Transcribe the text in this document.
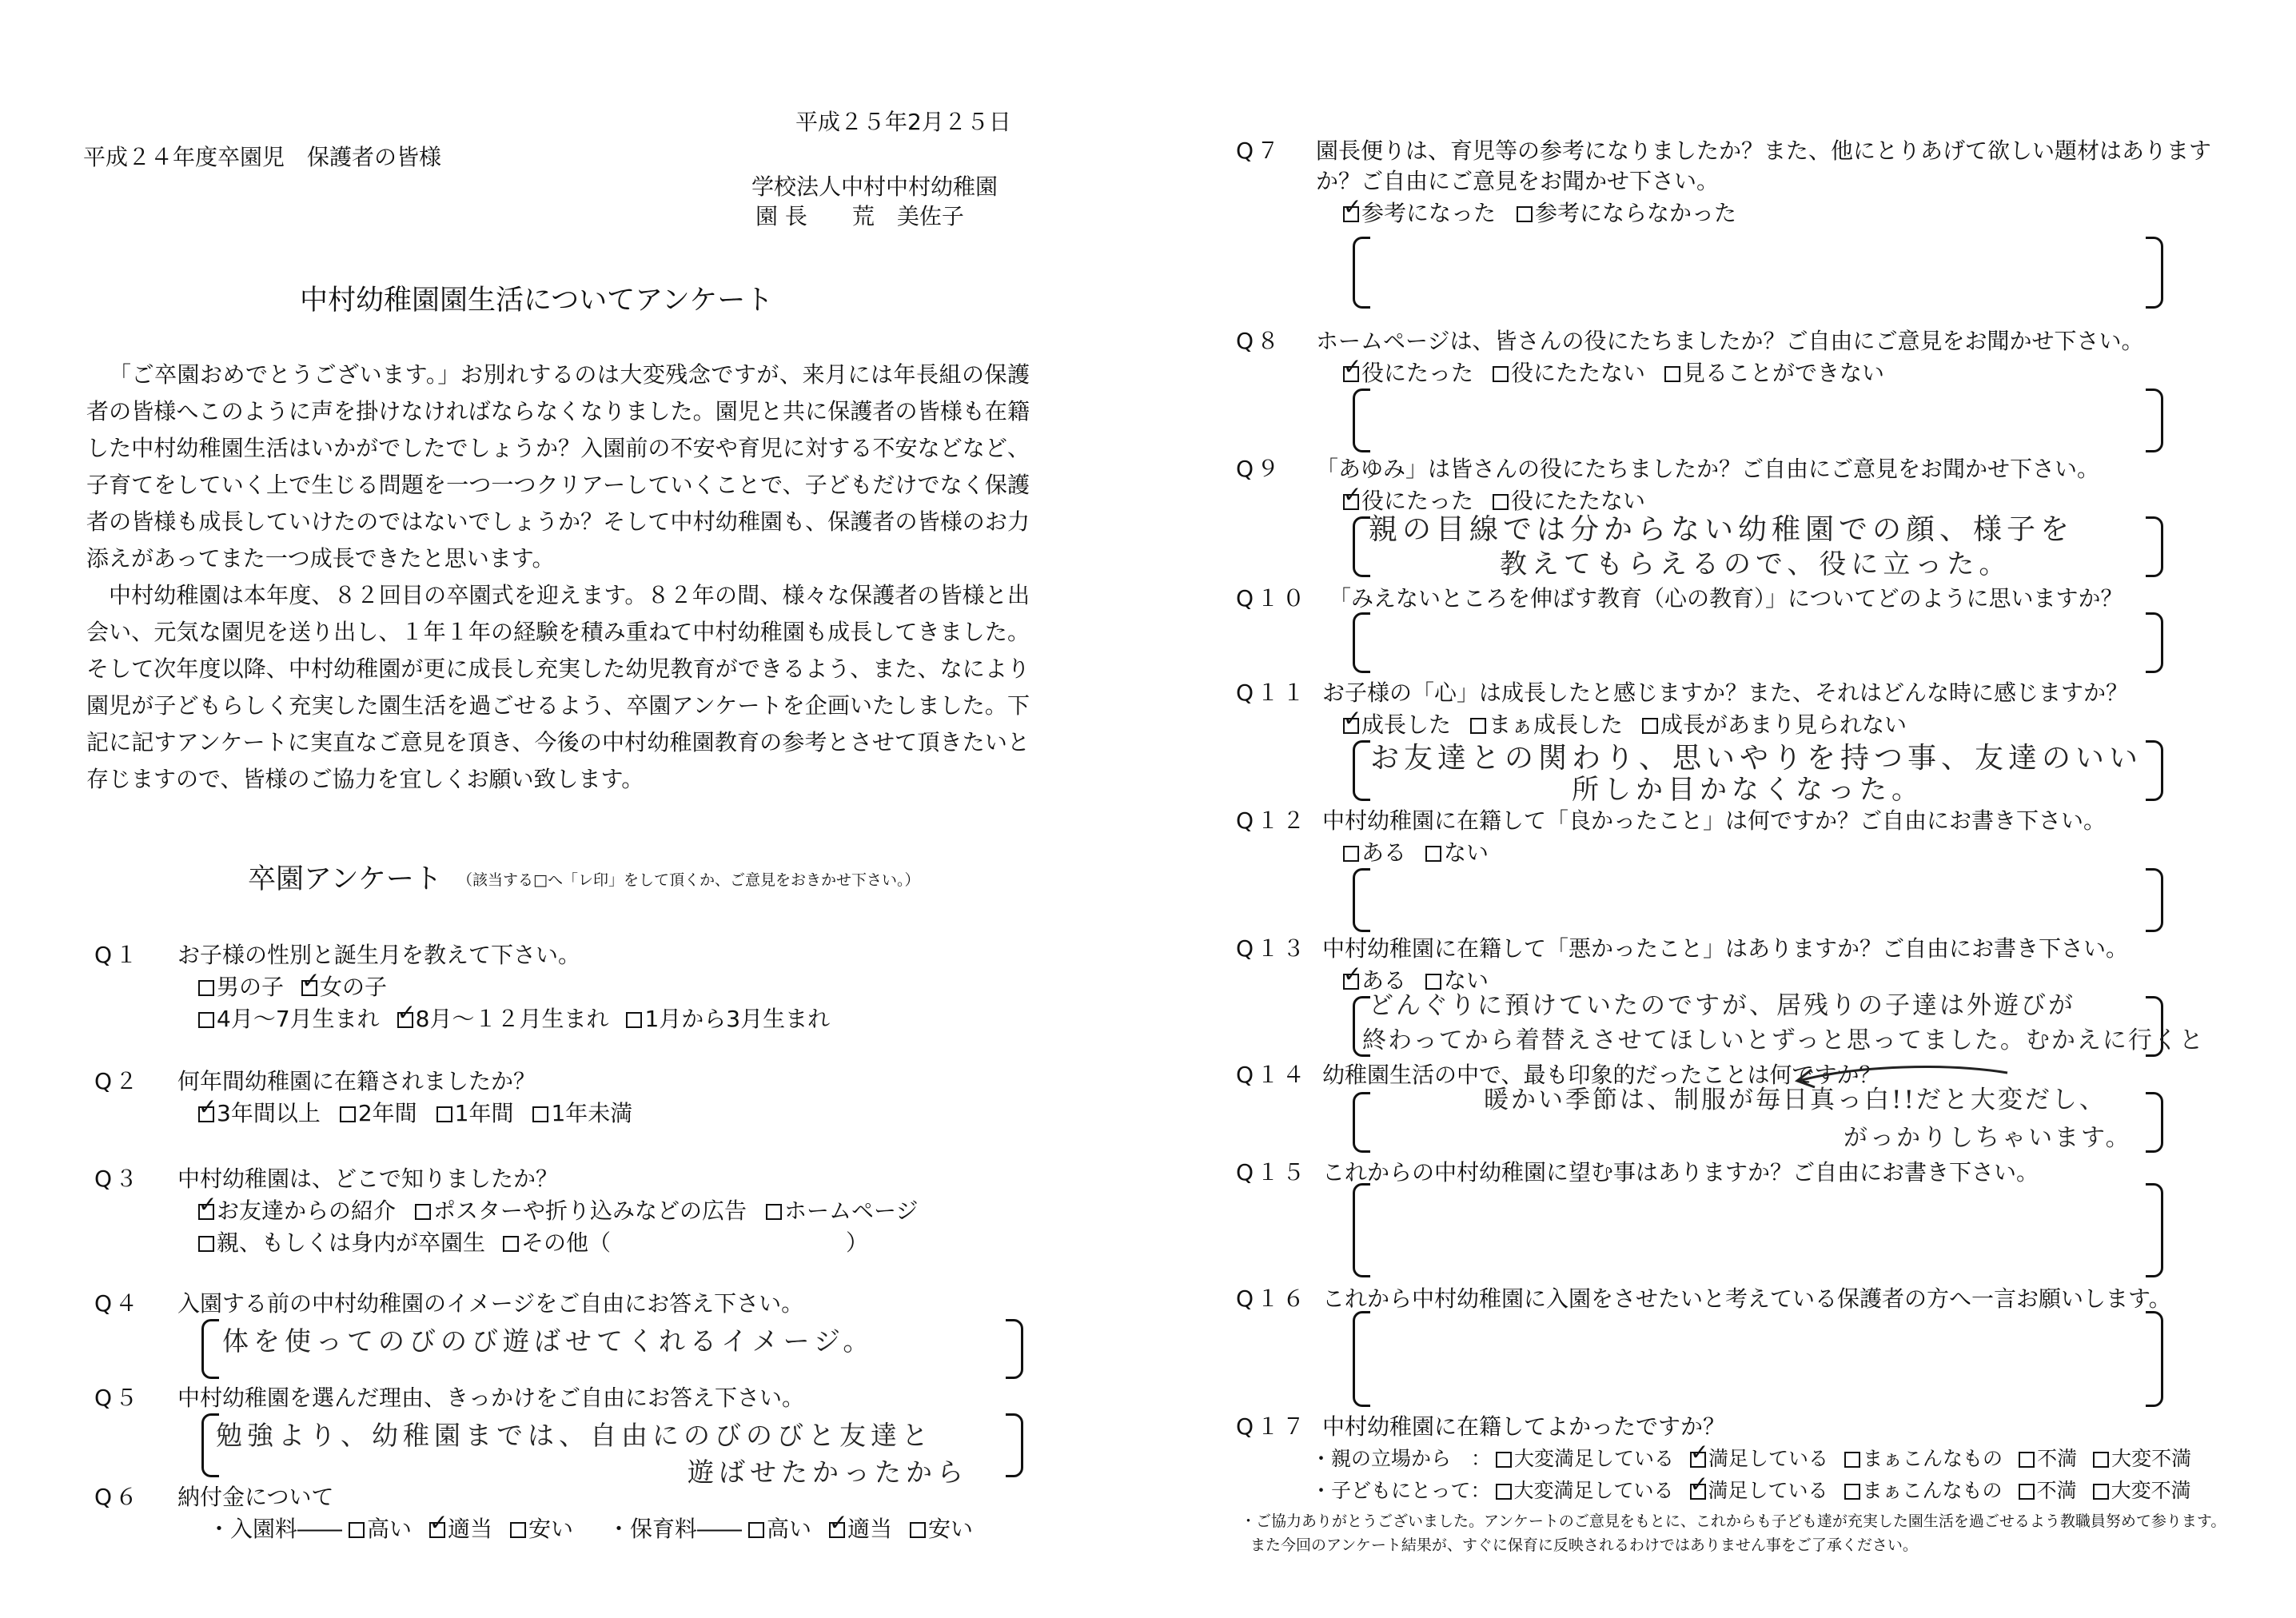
平成２５年2月２５日
平成２４年度卒園児　保護者の皆様
学校法人中村中村幼稚園
園 長　　荒　美佐子
中村幼稚園園生活についてアンケート

「ご卒園おめでとうございます。」お別れするのは大変残念ですが、来月には年長組の保護者の皆様へこのように声を掛けなければならなくなりました。園児と共に保護者の皆様も在籍した中村幼稚園生活はいかがでしたでしょうか？入園前の不安や育児に対する不安などなど、子育てをしていく上で生じる問題を一つ一つクリアーしていくことで、子どもだけでなく保護者の皆様も成長していけたのではないでしょうか？そして中村幼稚園も、保護者の皆様のお力添えがあってまた一つ成長できたと思います。

中村幼稚園は本年度、８２回目の卒園式を迎えます。８２年の間、様々な保護者の皆様と出会い、元気な園児を送り出し、１年１年の経験を積み重ねて中村幼稚園も成長してきました。そして次年度以降、中村幼稚園が更に成長し充実した幼児教育ができるよう、また、なにより園児が子どもらしく充実した園生活を過ごせるよう、卒園アンケートを企画いたしました。下記に記すアンケートに実直なご意見を頂き、今後の中村幼稚園教育の参考とさせて頂きたいと存じますので、皆様のご協力を宜しくお願い致します。

卒園アンケート （該当する□へ「レ印」をして頂くか、ご意見をおきかせ下さい。）
Q１ お子様の性別と誕生月を教えて下さい。
男の子 ✓ 女の子
4月～7月生まれ ✓ 8月～１２月生まれ 1月から3月生まれ
Q２ 何年間幼稚園に在籍されましたか？
✓
3年間以上 2年間 1年間 1年未満
Q３ 中村幼稚園は、どこで知りましたか？
✓
お友達からの紹介 ポスターや折り込みなどの広告 ホームページ
親、もしくは身内が卒園生 その他（	）
Q４ 入園する前の中村幼稚園のイメージをご自由にお答え下さい。
体を使ってのびのび遊ばせてくれるイメージ。
Q５ 中村幼稚園を選んだ理由、きっかけをご自由にお答え下さい。
勉強より、幼稚園までは、自由にのびのびと友達と
遊ばせたかったから
Q６ 納付金について
・入園料―― 高い ✓ 適当 安い ・保育料―― 高い ✓ 適当 安い
Q７ 園長便りは、育児等の参考になりましたか？また、他にとりあげて欲しい題材はあります
か？ご自由にご意見をお聞かせ下さい。
✓
参考になった 参考にならなかった
Q８ ホームページは、皆さんの役にたちましたか？ご自由にご意見をお聞かせ下さい。
✓
役にたった 役にたたない 見ることができない
Q９ 「あゆみ」は皆さんの役にたちましたか？ご自由にご意見をお聞かせ下さい。
✓
役にたった 役にたたない
親の目線では分からない幼稚園での顔、様子を
教えてもらえるので、役に立った。
Q１０ 「みえないところを伸ばす教育（心の教育）」についてどのように思いますか？
Q１１ お子様の「心」は成長したと感じますか？また、それはどんな時に感じますか？
✓
成長した まぁ成長した 成長があまり見られない
お友達との関わり、思いやりを持つ事、友達のいい
所しか目かなくなった。
Q１２ 中村幼稚園に在籍して「良かったこと」は何ですか？ご自由にお書き下さい。
ある ない
Q１３ 中村幼稚園に在籍して「悪かったこと」はありますか？ご自由にお書き下さい。
✓
ある ない
どんぐりに預けていたのですが、居残りの子達は外遊びが
終わってから着替えさせてほしいとずっと思ってました。むかえに行くと
Q１４ 幼稚園生活の中で、最も印象的だったことは何ですか？
暖かい季節は、制服が毎日真っ白!!だと大変だし、
がっかりしちゃいます。
Q１５ これからの中村幼稚園に望む事はありますか？ご自由にお書き下さい。
Q１６ これから中村幼稚園に入園をさせたいと考えている保護者の方へ一言お願いします。
Q１７ 中村幼稚園に在籍してよかったですか？
・親の立場から　： 大変満足している ✓ 満足している まぁこんなもの 不満 大変不満
・子どもにとって： 大変満足している ✓ 満足している まぁこんなもの 不満 大変不満
・ご協力ありがとうございました。アンケートのご意見をもとに、これからも子ども達が充実した園生活を過ごせるよう教職員努めて参ります。
また今回のアンケート結果が、すぐに保育に反映されるわけではありません事をご了承ください。
